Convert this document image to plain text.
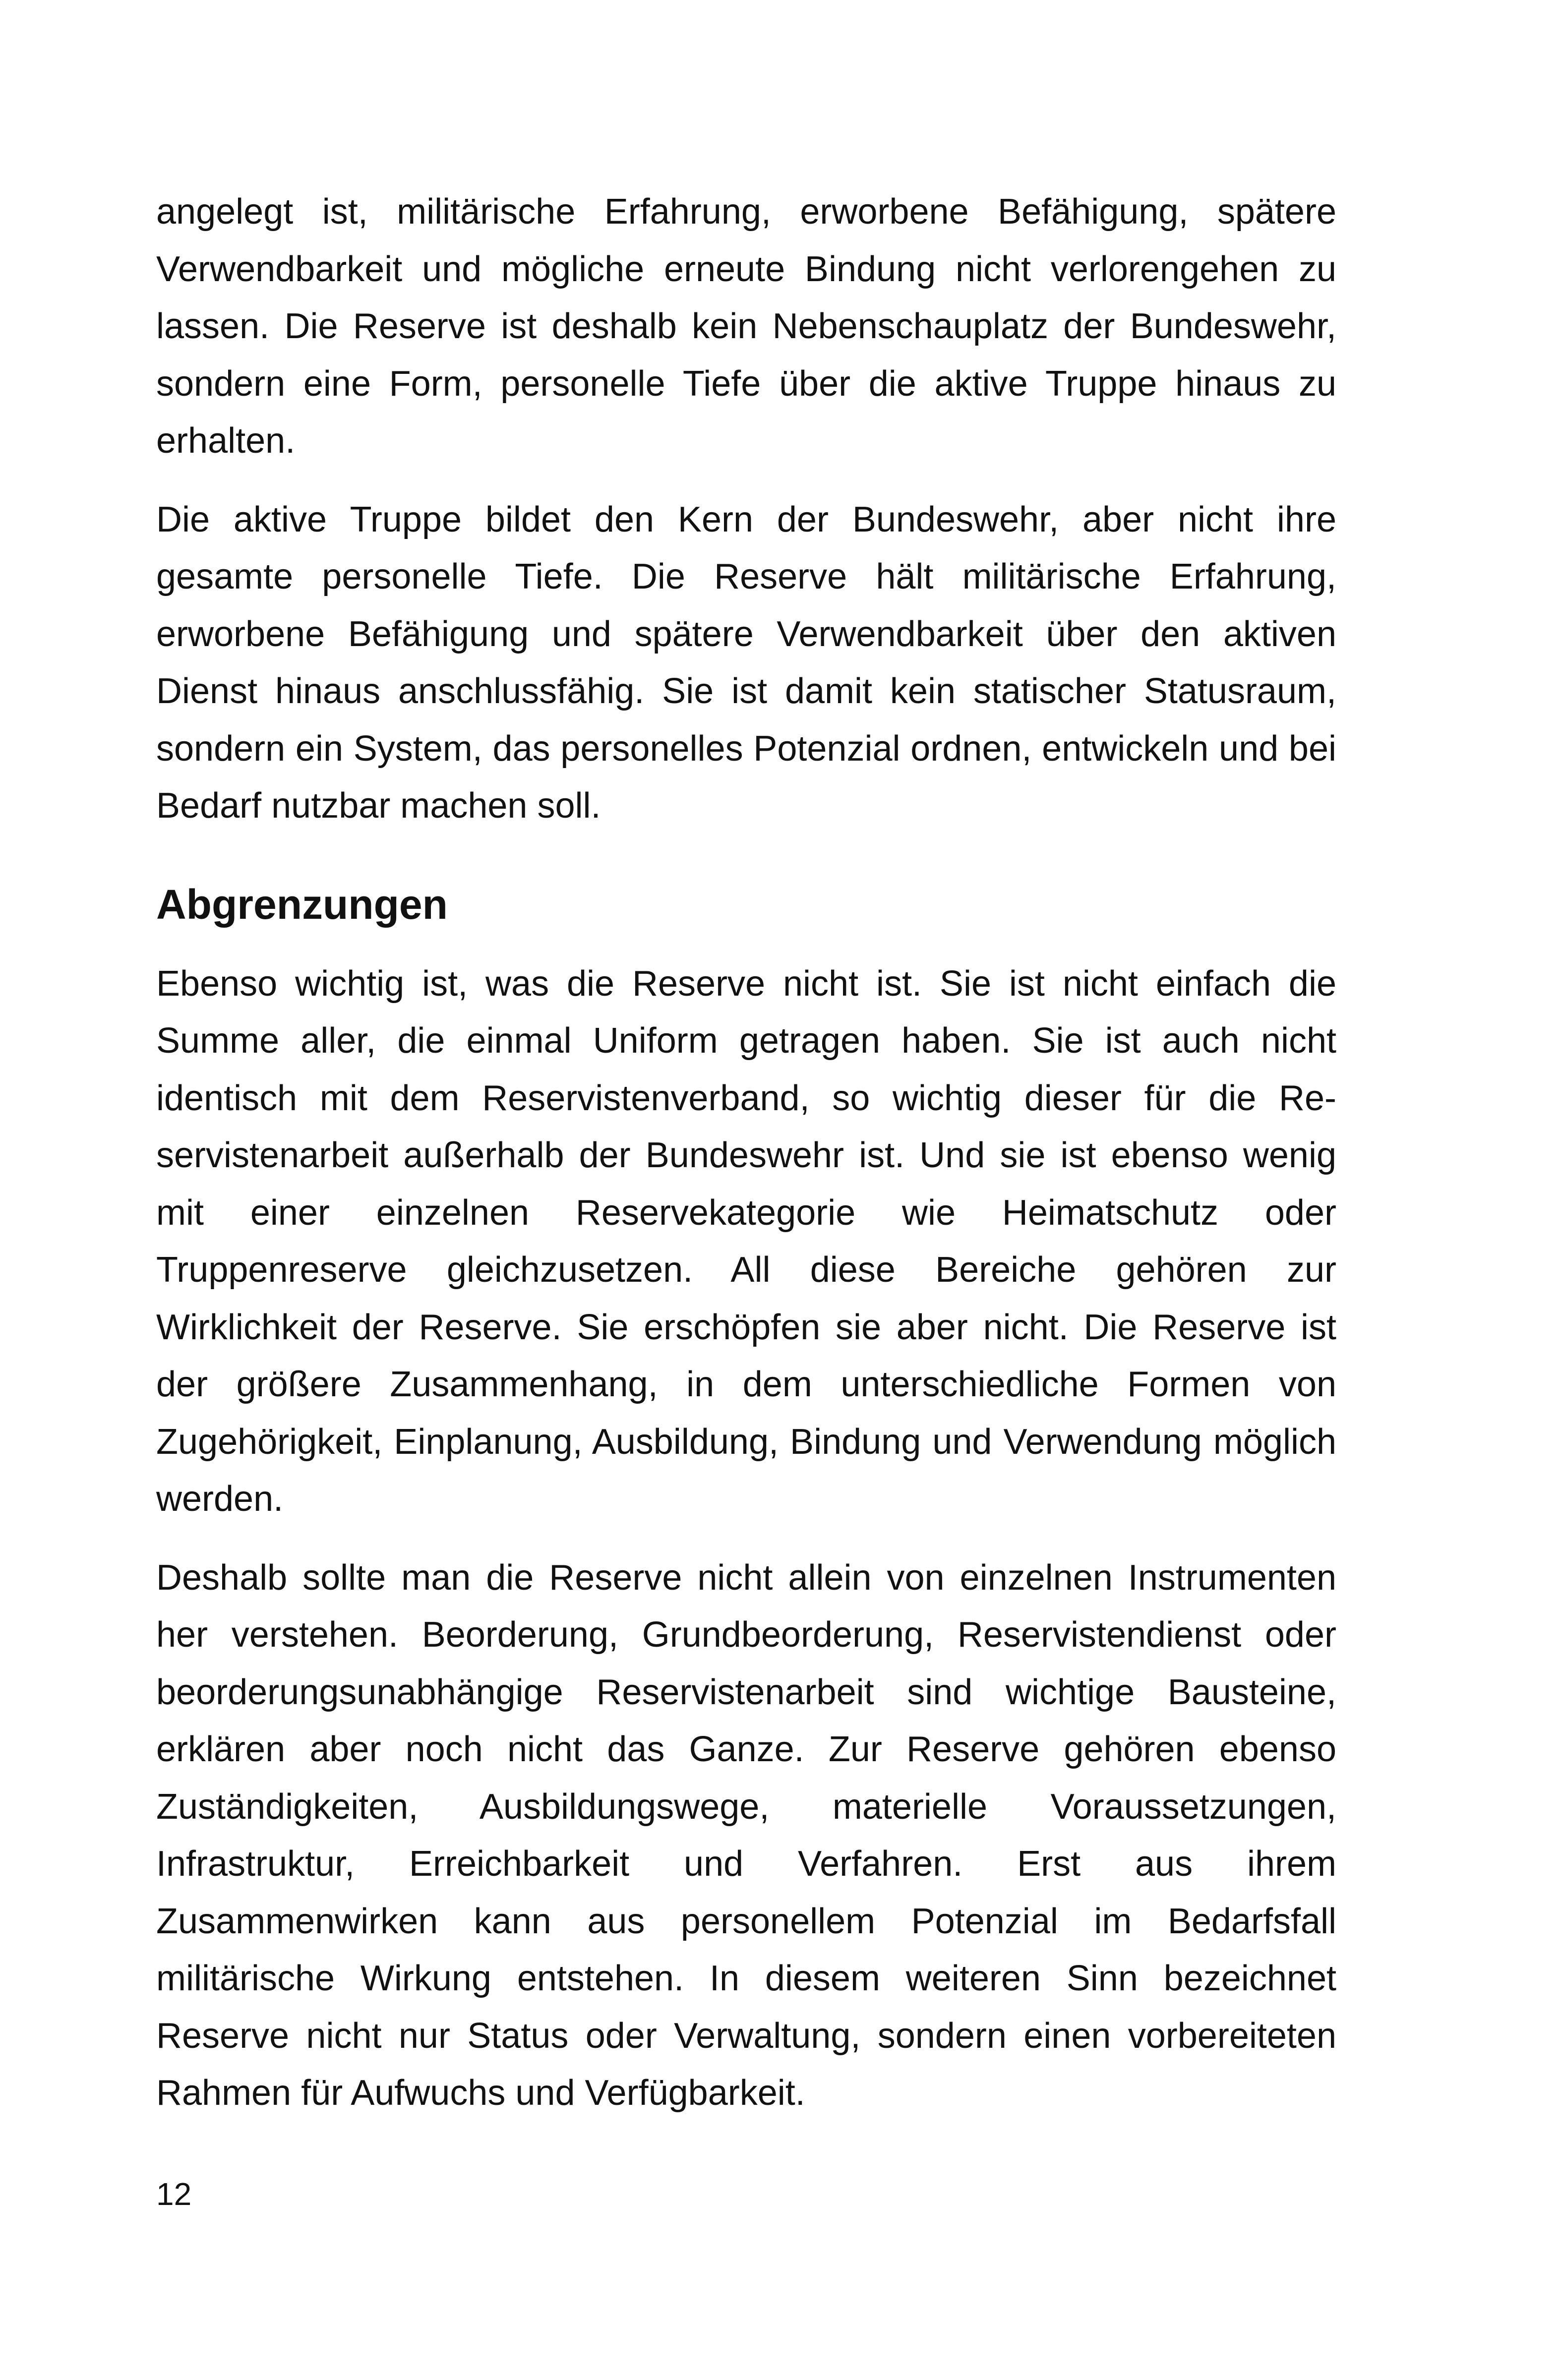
angelegt ist, militärische Erfahrung, erworbene Befähigung, spätere Verwendbarkeit und mögliche erneute Bindung nicht verlorengehen zu lassen. Die Reserve ist deshalb kein Nebenschauplatz der Bundeswehr, sondern eine Form, personelle Tiefe über die aktive Truppe hinaus zu erhalten.

Die aktive Truppe bildet den Kern der Bundeswehr, aber nicht ihre gesamte personelle Tiefe. Die Reserve hält militärische Erfahrung, erworbene Befähigung und spätere Verwendbarkeit über den aktiven Dienst hinaus anschlussfähig. Sie ist damit kein statischer Statusraum, sondern ein System, das personelles Potenzial ordnen, entwickeln und bei Bedarf nutzbar machen soll.

Abgrenzungen

Ebenso wichtig ist, was die Reserve nicht ist. Sie ist nicht einfach die Summe aller, die einmal Uniform getragen haben. Sie ist auch nicht identisch mit dem Reservistenverband, so wichtig dieser für die Reservistenarbeit außerhalb der Bundeswehr ist. Und sie ist ebenso wenig mit einer einzelnen Reservekategorie wie Heimatschutz oder Truppenreserve gleichzusetzen. All diese Bereiche gehören zur Wirklichkeit der Reserve. Sie erschöpfen sie aber nicht. Die Reserve ist der größere Zusammenhang, in dem unterschiedliche Formen von Zugehörigkeit, Einplanung, Ausbildung, Bindung und Verwendung möglich werden.

Deshalb sollte man die Reserve nicht allein von einzelnen Instrumenten her verstehen. Beorderung, Grundbeorderung, Reservistendienst oder beorderungsunabhängige Reservistenarbeit sind wichtige Bausteine, erklären aber noch nicht das Ganze. Zur Reserve gehören ebenso Zuständigkeiten, Ausbildungswege, materielle Voraussetzungen, Infrastruktur, Erreichbarkeit und Verfahren. Erst aus ihrem Zusammenwirken kann aus personellem Potenzial im Bedarfsfall militärische Wirkung entstehen. In diesem weiteren Sinn bezeichnet Reserve nicht nur Status oder Verwaltung, sondern einen vorbereiteten Rahmen für Aufwuchs und Verfügbarkeit.

12
